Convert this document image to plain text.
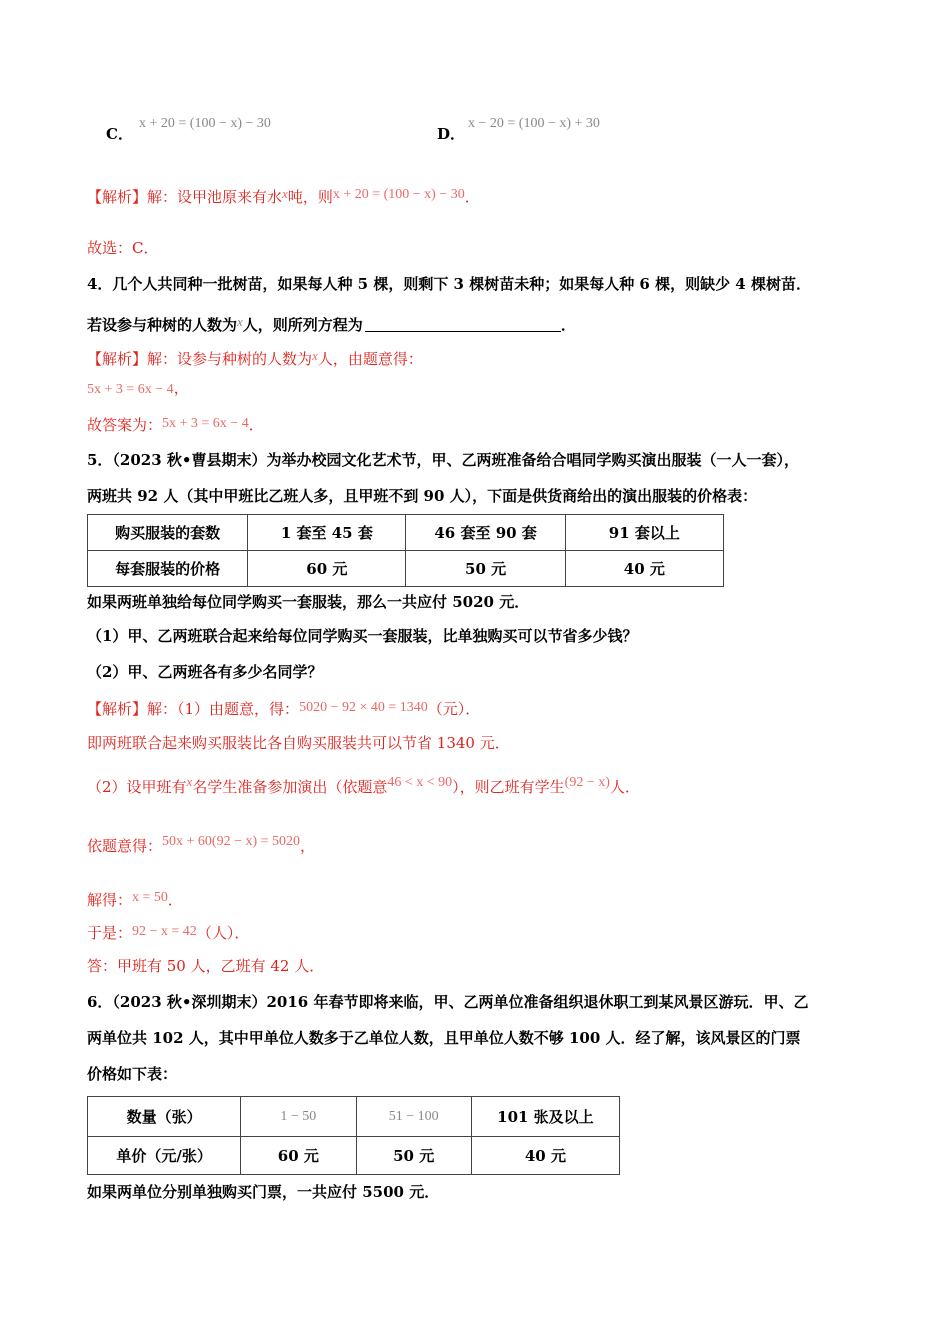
C．
x + 20 = (100 − x) − 30
D．
x − 20 = (100 − x) + 30
【解析】解：设甲池原来有水x吨，则x + 20 = (100 − x) − 30．
故选：C．
4．几个人共同种一批树苗，如果每人种 5 棵，则剩下 3 棵树苗未种；如果每人种 6 棵，则缺少 4 棵树苗．
若设参与种树的人数为x人，则所列方程为	．
【解析】解：设参与种树的人数为x人，由题意得：
5x + 3 = 6x − 4，
故答案为：5x + 3 = 6x − 4．
5．（2023 秋•曹县期末）为举办校园文化艺术节，甲、乙两班准备给合唱同学购买演出服装（一人一套），
两班共 92 人（其中甲班比乙班人多，且甲班不到 90 人），下面是供货商给出的演出服装的价格表：
购买服装的套数	1 套至 45 套	46 套至 90 套	91 套以上
每套服装的价格	60 元	50 元	40 元
如果两班单独给每位同学购买一套服装，那么一共应付 5020 元．
（1）甲、乙两班联合起来给每位同学购买一套服装，比单独购买可以节省多少钱？
（2）甲、乙两班各有多少名同学？
【解析】解：（1）由题意，得：5020 − 92 × 40 = 1340（元）．
即两班联合起来购买服装比各自购买服装共可以节省 1340 元．
（2）设甲班有x名学生准备参加演出（依题意46 < x < 90），则乙班有学生(92 − x)人．
依题意得：50x + 60(92 − x) = 5020，
解得：x = 50．
于是：92 − x = 42（人）．
答：甲班有 50 人，乙班有 42 人．
6．（2023 秋•深圳期末）2016 年春节即将来临，甲、乙两单位准备组织退休职工到某风景区游玩．甲、乙
两单位共 102 人，其中甲单位人数多于乙单位人数，且甲单位人数不够 100 人．经了解，该风景区的门票
价格如下表：
数量（张）	1 − 50	51 − 100	101 张及以上
单价（元/张）	60 元	50 元	40 元
如果两单位分别单独购买门票，一共应付 5500 元．
